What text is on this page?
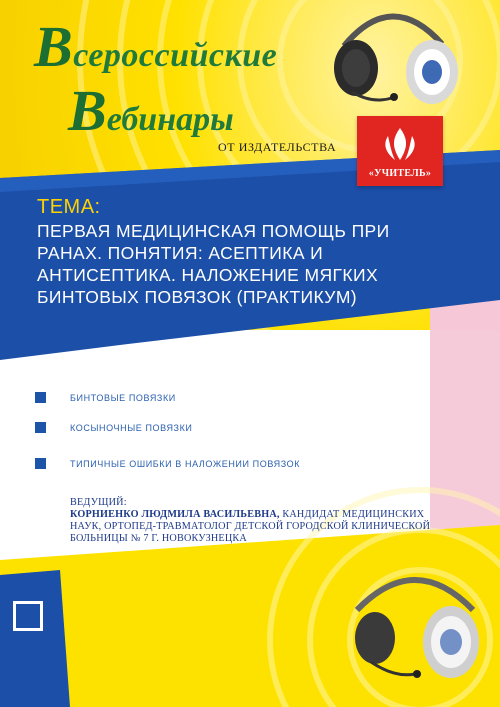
Всероссийские
Вебинары
ОТ ИЗДАТЕЛЬСТВА
«УЧИТЕЛЬ»
ТЕМА:
ПЕРВАЯ МЕДИЦИНСКАЯ ПОМОЩЬ ПРИ РАНАХ. ПОНЯТИЯ: АСЕПТИКА И АНТИСЕПТИКА. НАЛОЖЕНИЕ МЯГКИХ БИНТОВЫХ ПОВЯЗОК (ПРАКТИКУМ)
БИНТОВЫЕ ПОВЯЗКИ
КОСЫНОЧНЫЕ ПОВЯЗКИ
ТИПИЧНЫЕ ОШИБКИ В НАЛОЖЕНИИ ПОВЯЗОК
ВЕДУЩИЙ:
КОРНИЕНКО ЛЮДМИЛА ВАСИЛЬЕВНА, КАНДИДАТ МЕДИЦИНСКИХ НАУК, ОРТОПЕД-ТРАВМАТОЛОГ ДЕТСКОЙ ГОРОДСКОЙ КЛИНИЧЕСКОЙ БОЛЬНИЦЫ № 7 Г. НОВОКУЗНЕЦКА
